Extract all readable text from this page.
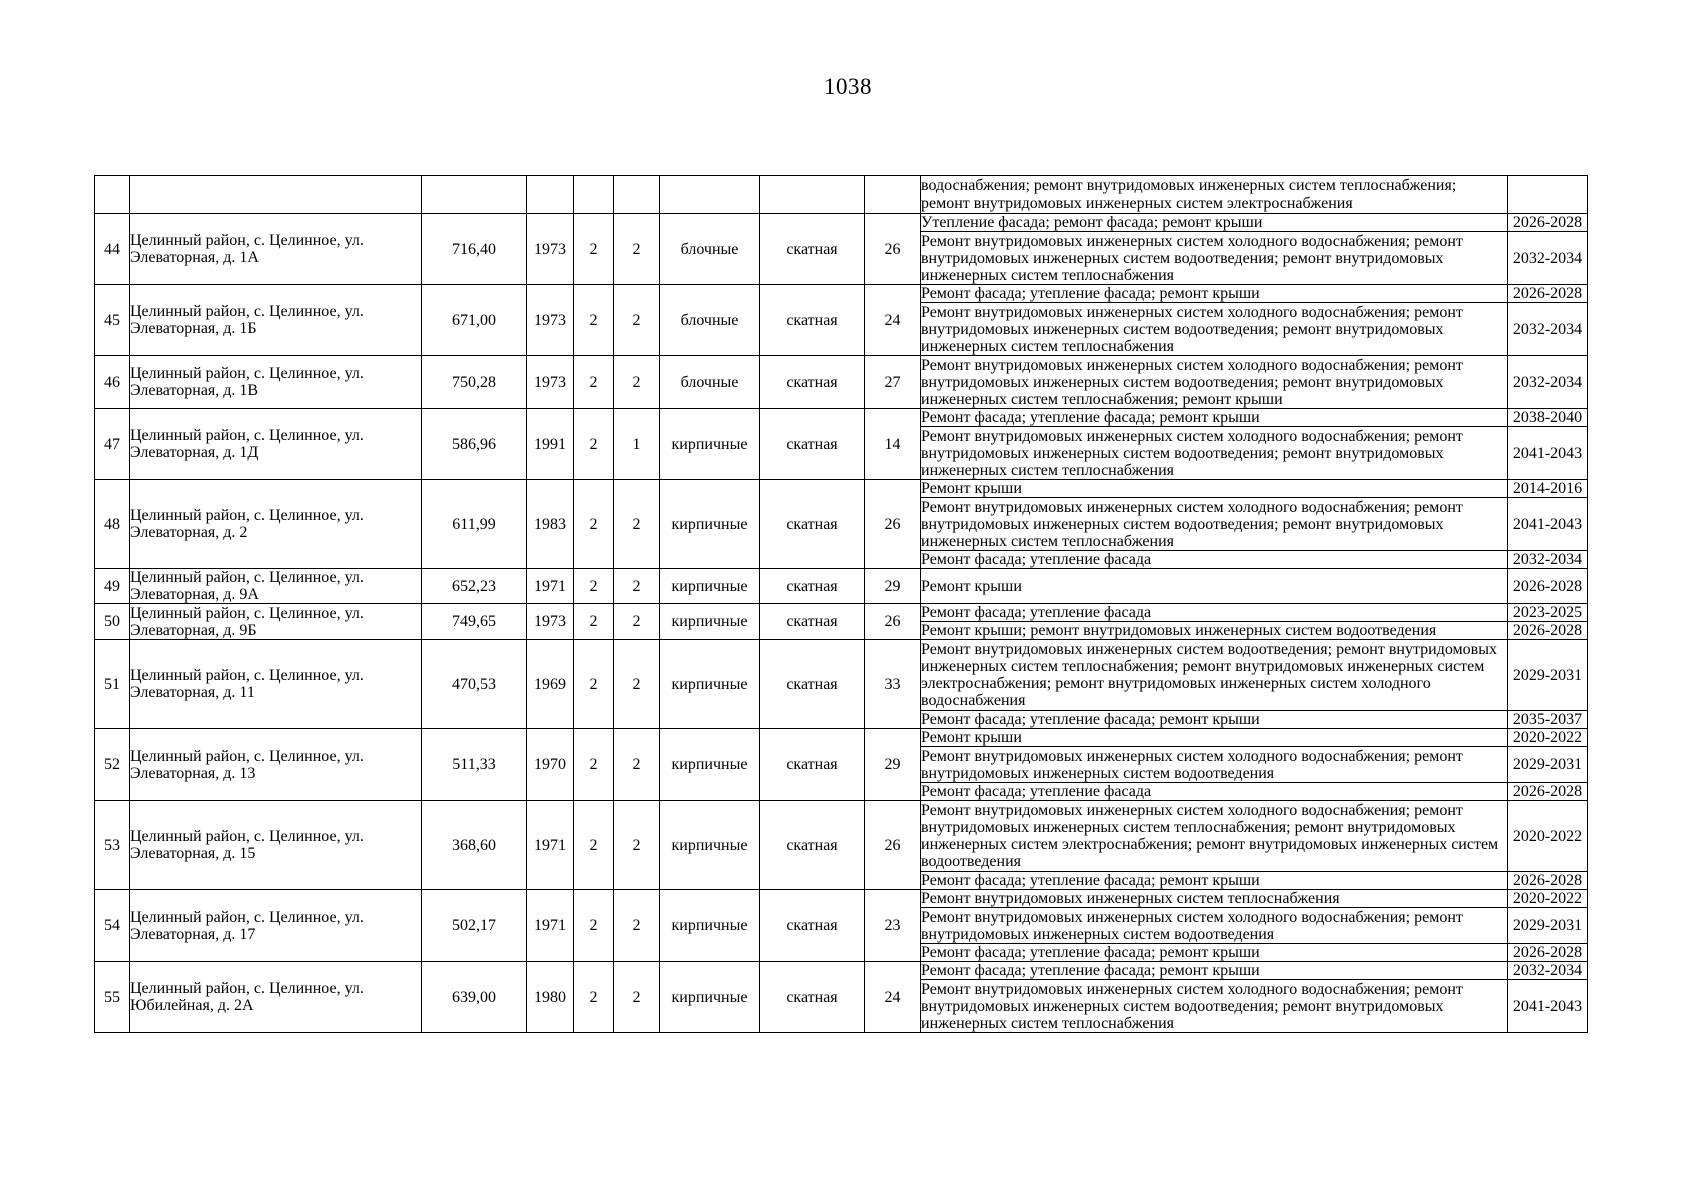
1038
									водоснабжения; ремонт внутридомовых инженерных систем теплоснабжения; ремонт внутридомовых инженерных систем электроснабжения	
44	Целинный район, с. Целинное, ул. Элеваторная, д. 1А	716,40	1973	2	2	блочные	скатная	26	Утепление фасада; ремонт фасада; ремонт крыши	2026-2028
									Ремонт внутридомовых инженерных систем холодного водоснабжения; ремонт внутридомовых инженерных систем водоотведения; ремонт внутридомовых инженерных систем теплоснабжения	2032-2034
45	Целинный район, с. Целинное, ул. Элеваторная, д. 1Б	671,00	1973	2	2	блочные	скатная	24	Ремонт фасада; утепление фасада; ремонт крыши	2026-2028
									Ремонт внутридомовых инженерных систем холодного водоснабжения; ремонт внутридомовых инженерных систем водоотведения; ремонт внутридомовых инженерных систем теплоснабжения	2032-2034
46	Целинный район, с. Целинное, ул. Элеваторная, д. 1В	750,28	1973	2	2	блочные	скатная	27	Ремонт внутридомовых инженерных систем холодного водоснабжения; ремонт внутридомовых инженерных систем водоотведения; ремонт внутридомовых инженерных систем теплоснабжения; ремонт крыши	2032-2034
47	Целинный район, с. Целинное, ул. Элеваторная, д. 1Д	586,96	1991	2	1	кирпичные	скатная	14	Ремонт фасада; утепление фасада; ремонт крыши	2038-2040
									Ремонт внутридомовых инженерных систем холодного водоснабжения; ремонт внутридомовых инженерных систем водоотведения; ремонт внутридомовых инженерных систем теплоснабжения	2041-2043
48	Целинный район, с. Целинное, ул. Элеваторная, д. 2	611,99	1983	2	2	кирпичные	скатная	26	Ремонт крыши	2014-2016
									Ремонт внутридомовых инженерных систем холодного водоснабжения; ремонт внутридомовых инженерных систем водоотведения; ремонт внутридомовых инженерных систем теплоснабжения	2041-2043
									Ремонт фасада; утепление фасада	2032-2034
49	Целинный район, с. Целинное, ул. Элеваторная, д. 9А	652,23	1971	2	2	кирпичные	скатная	29	Ремонт крыши	2026-2028
50	Целинный район, с. Целинное, ул. Элеваторная, д. 9Б	749,65	1973	2	2	кирпичные	скатная	26	Ремонт фасада; утепление фасада	2023-2025
									Ремонт крыши; ремонт внутридомовых инженерных систем водоотведения	2026-2028
51	Целинный район, с. Целинное, ул. Элеваторная, д. 11	470,53	1969	2	2	кирпичные	скатная	33	Ремонт внутридомовых инженерных систем водоотведения; ремонт внутридомовых инженерных систем теплоснабжения; ремонт внутридомовых инженерных систем электроснабжения; ремонт внутридомовых инженерных систем холодного водоснабжения	2029-2031
									Ремонт фасада; утепление фасада; ремонт крыши	2035-2037
52	Целинный район, с. Целинное, ул. Элеваторная, д. 13	511,33	1970	2	2	кирпичные	скатная	29	Ремонт крыши	2020-2022
									Ремонт внутридомовых инженерных систем холодного водоснабжения; ремонт внутридомовых инженерных систем водоотведения	2029-2031
									Ремонт фасада; утепление фасада	2026-2028
53	Целинный район, с. Целинное, ул. Элеваторная, д. 15	368,60	1971	2	2	кирпичные	скатная	26	Ремонт внутридомовых инженерных систем холодного водоснабжения; ремонт внутридомовых инженерных систем теплоснабжения; ремонт внутридомовых инженерных систем электроснабжения; ремонт внутридомовых инженерных систем водоотведения	2020-2022
									Ремонт фасада; утепление фасада; ремонт крыши	2026-2028
54	Целинный район, с. Целинное, ул. Элеваторная, д. 17	502,17	1971	2	2	кирпичные	скатная	23	Ремонт внутридомовых инженерных систем теплоснабжения	2020-2022
									Ремонт внутридомовых инженерных систем холодного водоснабжения; ремонт внутридомовых инженерных систем водоотведения	2029-2031
									Ремонт фасада; утепление фасада; ремонт крыши	2026-2028
55	Целинный район, с. Целинное, ул. Юбилейная, д. 2А	639,00	1980	2	2	кирпичные	скатная	24	Ремонт фасада; утепление фасада; ремонт крыши	2032-2034
									Ремонт внутридомовых инженерных систем холодного водоснабжения; ремонт внутридомовых инженерных систем водоотведения; ремонт внутридомовых инженерных систем теплоснабжения	2041-2043
